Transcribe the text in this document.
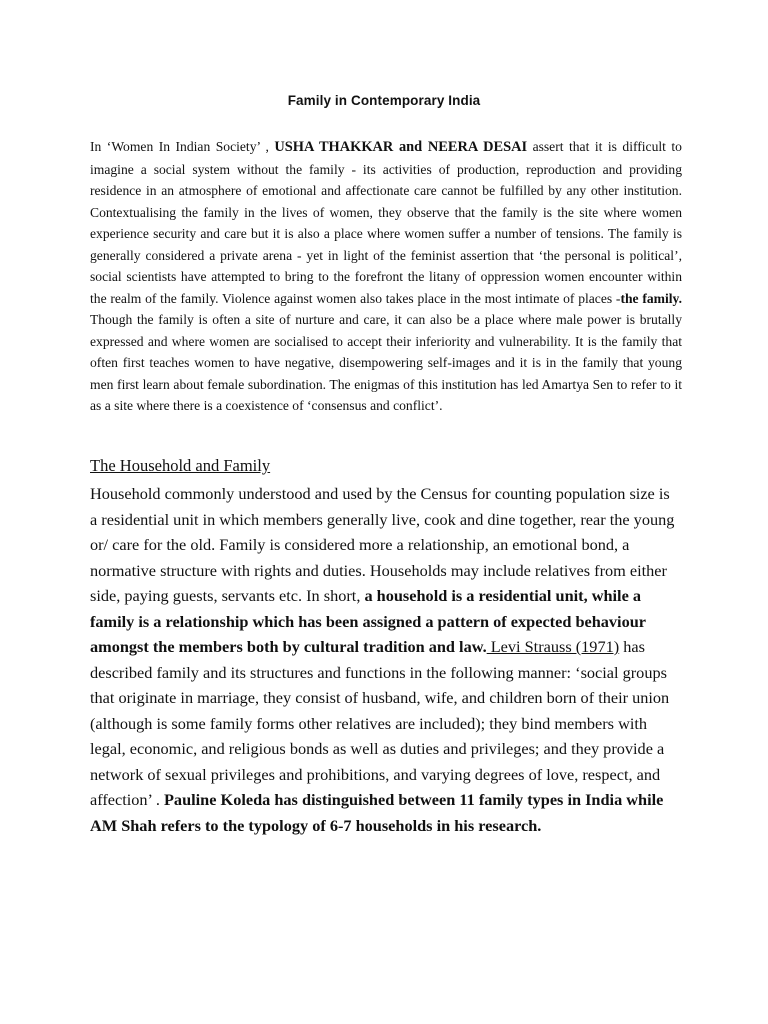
Family in Contemporary India

In ‘Women In Indian Society’ , USHA THAKKAR and NEERA DESAI assert that it is difficult to imagine a social system without the family - its activities of production, reproduction and providing residence in an atmosphere of emotional and affectionate care cannot be fulfilled by any other institution. Contextualising the family in the lives of women, they observe that the family is the site where women experience security and care but it is also a place where women suffer a number of tensions. The family is generally considered a private arena - yet in light of the feminist assertion that ‘the personal is political’, social scientists have attempted to bring to the forefront the litany of oppression women encounter within the realm of the family. Violence against women also takes place in the most intimate of places -the family. Though the family is often a site of nurture and care, it can also be a place where male power is brutally expressed and where women are socialised to accept their inferiority and vulnerability. It is the family that often first teaches women to have negative, disempowering self-images and it is in the family that young men first learn about female subordination. The enigmas of this institution has led Amartya Sen to refer to it as a site where there is a coexistence of ‘consensus and conflict’.

The Household and Family

Household commonly understood and used by the Census for counting population size is a residential unit in which members generally live, cook and dine together, rear the young or/ care for the old. Family is considered more a relationship, an emotional bond, a normative structure with rights and duties. Households may include relatives from either side, paying guests, servants etc. In short, a household is a residential unit, while a family is a relationship which has been assigned a pattern of expected behaviour amongst the members both by cultural tradition and law. Levi Strauss (1971) has described family and its structures and functions in the following manner: ‘social groups that originate in marriage, they consist of husband, wife, and children born of their union (although is some family forms other relatives are included); they bind members with legal, economic, and religious bonds as well as duties and privileges; and they provide a network of sexual privileges and prohibitions, and varying degrees of love, respect, and affection’ . Pauline Koleda has distinguished between 11 family types in India while AM Shah refers to the typology of 6-7 households in his research.
